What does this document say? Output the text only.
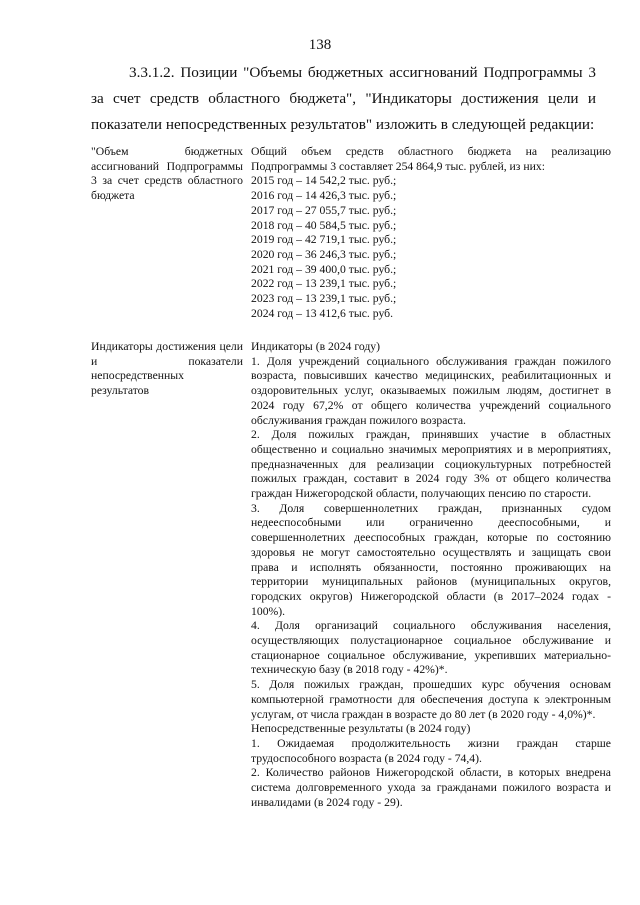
138

3.3.1.2. Позиции "Объемы бюджетных ассигнований Подпрограммы 3 за счет средств областного бюджета", "Индикаторы достижения цели и показатели непосредственных результатов" изложить в следующей редакции:

"Объем бюджетных ассигнований Подпрограммы 3 за счет средств областного бюджета

Общий объем средств областного бюджета на реализацию Подпрограммы 3 составляет 254 864,9 тыс. рублей, из них:

2015 год – 14 542,2 тыс. руб.;
2016 год – 14 426,3 тыс. руб.;
2017 год – 27 055,7 тыс. руб.;
2018 год – 40 584,5 тыс. руб.;
2019 год – 42 719,1 тыс. руб.;
2020 год – 36 246,3 тыс. руб.;
2021 год – 39 400,0 тыс. руб.;
2022 год – 13 239,1 тыс. руб.;
2023 год – 13 239,1 тыс. руб.;
2024 год – 13 412,6 тыс. руб.
Индикаторы достижения цели и показатели непосредственных результатов

Индикаторы (в 2024 году)

1. Доля учреждений социального обслуживания граждан пожилого возраста, повысивших качество медицинских, реабилитационных и оздоровительных услуг, оказываемых пожилым людям, достигнет в 2024 году 67,2% от общего количества учреждений социального обслуживания граждан пожилого возраста.

2. Доля пожилых граждан, принявших участие в областных общественно и социально значимых мероприятиях и в мероприятиях, предназначенных для реализации социокультурных потребностей пожилых граждан, составит в 2024 году 3% от общего количества граждан Нижегородской области, получающих пенсию по старости.

3. Доля совершеннолетних граждан, признанных судом недееспособными или ограниченно дееспособными, и совершеннолетних дееспособных граждан, которые по состоянию здоровья не могут самостоятельно осуществлять и защищать свои права и исполнять обязанности, постоянно проживающих на территории муниципальных районов (муниципальных округов, городских округов) Нижегородской области (в 2017–2024 годах - 100%).

4. Доля организаций социального обслуживания населения, осуществляющих полустационарное социальное обслуживание и стационарное социальное обслуживание, укрепивших материально-техническую базу (в 2018 году - 42%)*.

5. Доля пожилых граждан, прошедших курс обучения основам компьютерной грамотности для обеспечения доступа к электронным услугам, от числа граждан в возрасте до 80 лет (в 2020 году - 4,0%)*.

Непосредственные результаты (в 2024 году)

1. Ожидаемая продолжительность жизни граждан старше трудоспособного возраста (в 2024 году - 74,4).

2. Количество районов Нижегородской области, в которых внедрена система долговременного ухода за гражданами пожилого возраста и инвалидами (в 2024 году - 29).
